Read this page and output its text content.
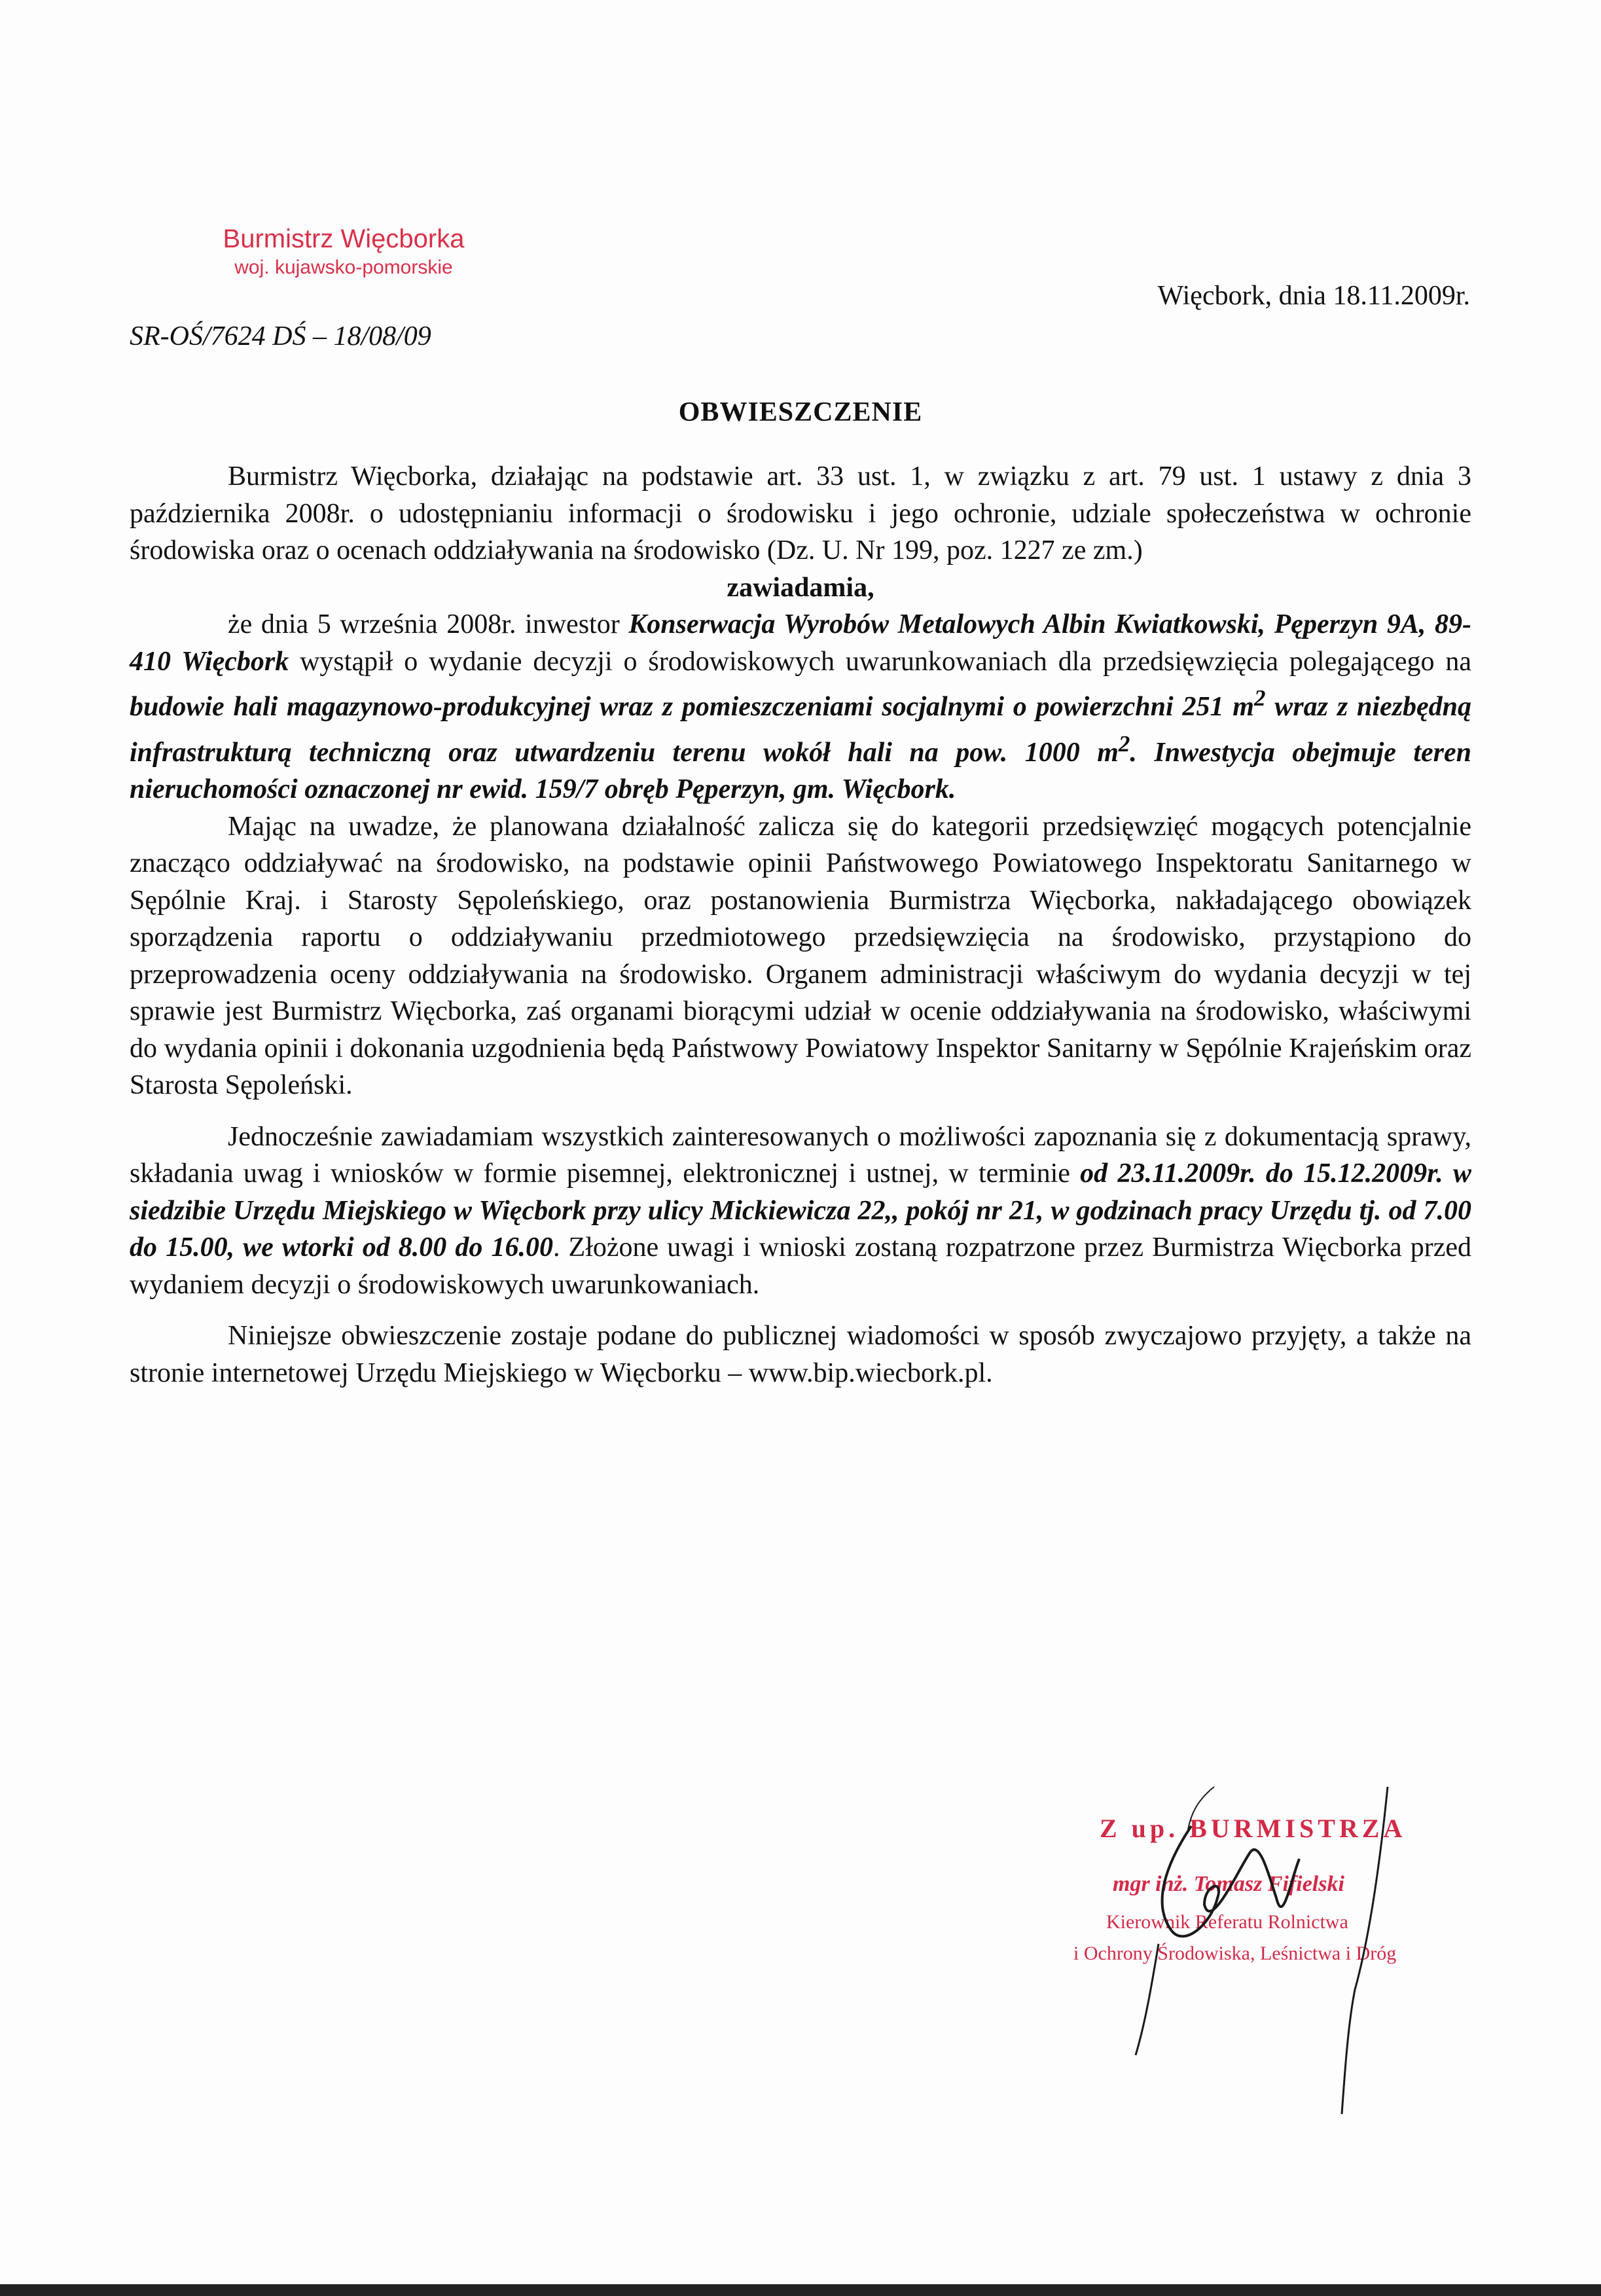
Burmistrz Więcborka
woj. kujawsko-pomorskie
Więcbork, dnia 18.11.2009r.
SR-OŚ/7624 DŚ – 18/08/09
OBWIESZCZENIE

Burmistrz Więcborka, działając na podstawie art. 33 ust. 1, w związku z art. 79 ust. 1 ustawy z dnia 3 października 2008r. o udostępnianiu informacji o środowisku i jego ochronie, udziale społeczeństwa w ochronie środowiska oraz o ocenach oddziaływania na środowisko (Dz. U. Nr 199, poz. 1227 ze zm.)

zawiadamia,

że dnia 5 września 2008r. inwestor Konserwacja Wyrobów Metalowych Albin Kwiatkowski, Pęperzyn 9A, 89-410 Więcbork wystąpił o wydanie decyzji o środowiskowych uwarunkowaniach dla przedsięwzięcia polegającego na budowie hali magazynowo-produkcyjnej wraz z pomieszczeniami socjalnymi o powierzchni 251 $m^2$ wraz z niezbędną infrastrukturą techniczną oraz utwardzeniu terenu wokół hali na pow. 1000 $m^2$. Inwestycja obejmuje teren nieruchomości oznaczonej nr ewid. 159/7 obręb Pęperzyn, gm. Więcbork.

Mając na uwadze, że planowana działalność zalicza się do kategorii przedsięwzięć mogących potencjalnie znacząco oddziaływać na środowisko, na podstawie opinii Państwowego Powiatowego Inspektoratu Sanitarnego w Sępólnie Kraj. i Starosty Sępoleńskiego, oraz postanowienia Burmistrza Więcborka, nakładającego obowiązek sporządzenia raportu o oddziaływaniu przedmiotowego przedsięwzięcia na środowisko, przystąpiono do przeprowadzenia oceny oddziaływania na środowisko. Organem administracji właściwym do wydania decyzji w tej sprawie jest Burmistrz Więcborka, zaś organami biorącymi udział w ocenie oddziaływania na środowisko, właściwymi do wydania opinii i dokonania uzgodnienia będą Państwowy Powiatowy Inspektor Sanitarny w Sępólnie Krajeńskim oraz Starosta Sępoleński.

Jednocześnie zawiadamiam wszystkich zainteresowanych o możliwości zapoznania się z dokumentacją sprawy, składania uwag i wniosków w formie pisemnej, elektronicznej i ustnej, w terminie od 23.11.2009r. do 15.12.2009r. w siedzibie Urzędu Miejskiego w Więcbork przy ulicy Mickiewicza 22,, pokój nr 21, w godzinach pracy Urzędu tj. od 7.00 do 15.00, we wtorki od 8.00 do 16.00. Złożone uwagi i wnioski zostaną rozpatrzone przez Burmistrza Więcborka przed wydaniem decyzji o środowiskowych uwarunkowaniach.

Niniejsze obwieszczenie zostaje podane do publicznej wiadomości w sposób zwyczajowo przyjęty, a także na stronie internetowej Urzędu Miejskiego w Więcborku – www.bip.wiecbork.pl.

Z up. BURMISTRZA
mgr inż. Tomasz Fifielski
Kierownik Referatu Rolnictwa
i Ochrony Środowiska, Leśnictwa i Dróg
